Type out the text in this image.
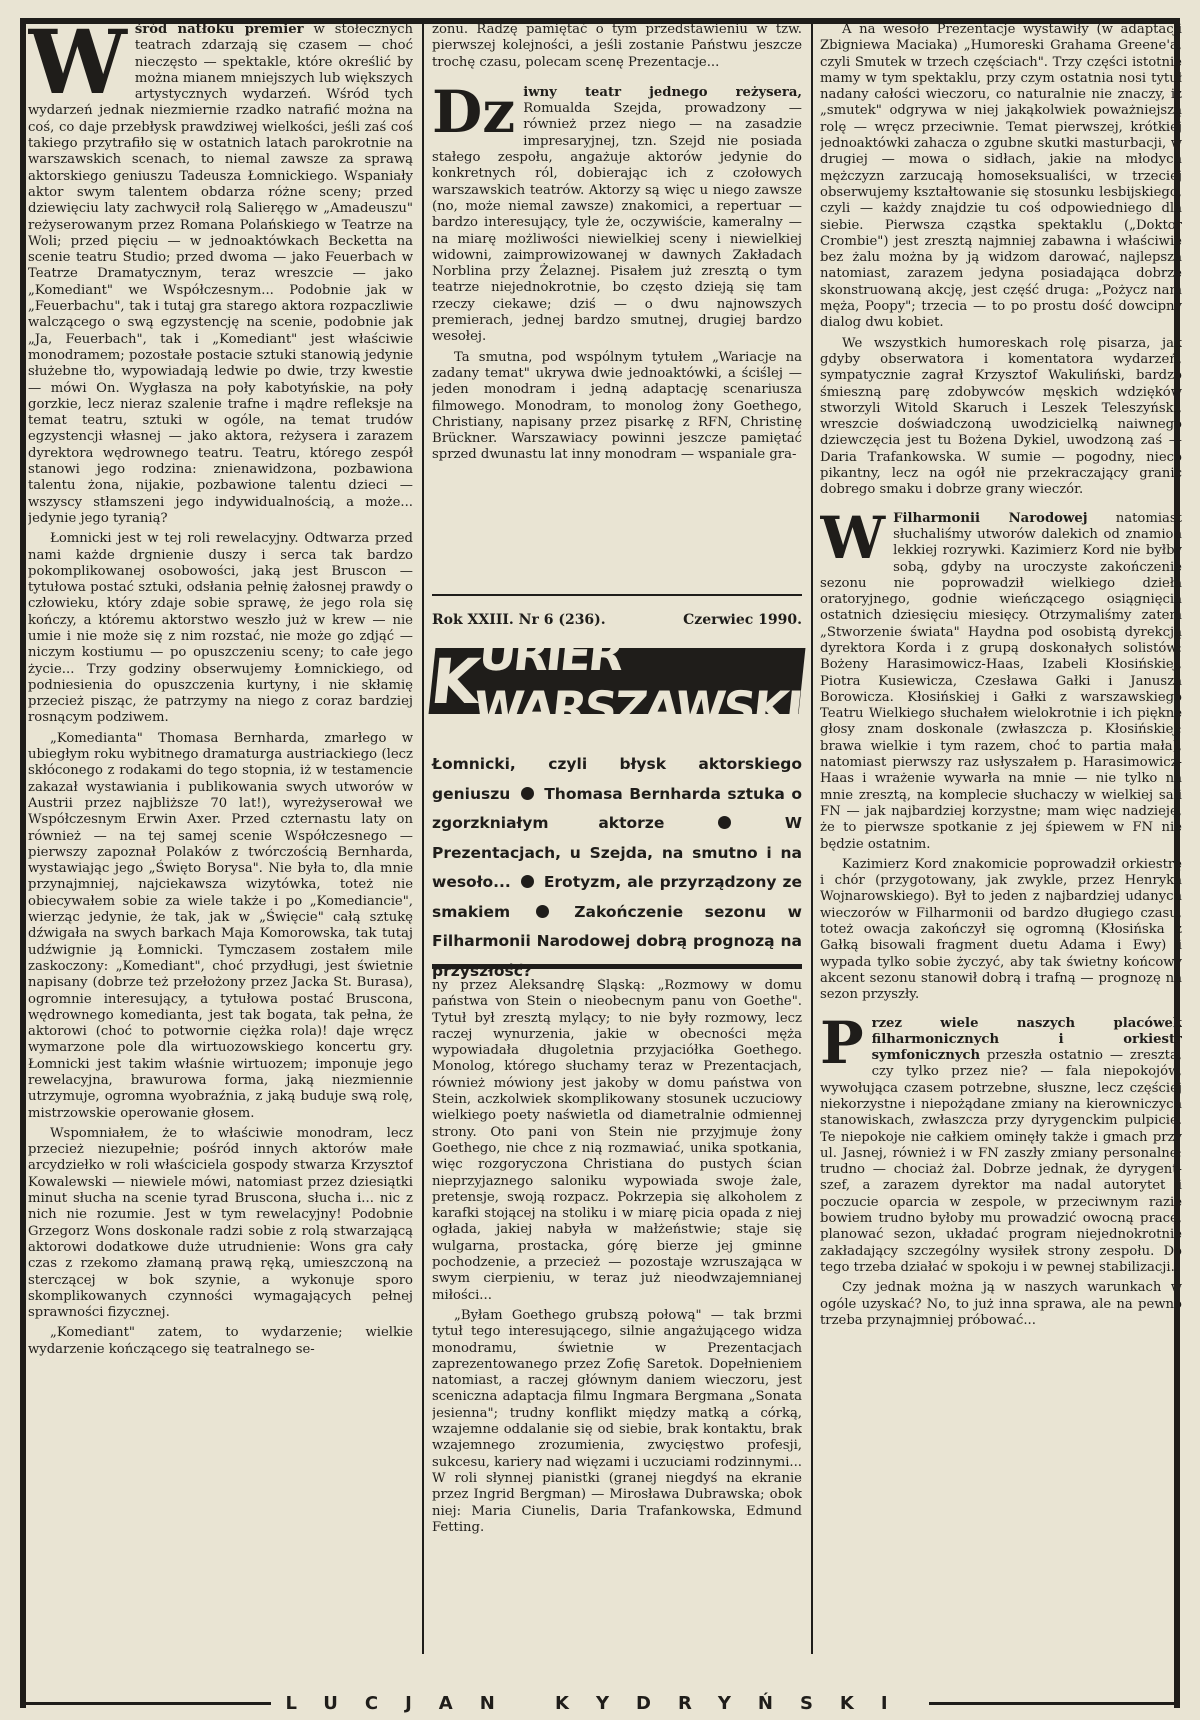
W śród natłoku premier w stołecznych teatrach zdarzają się czasem — choć nieczęsto — spektakle, które określić by można mianem mniejszych lub większych artystycznych wydarzeń. Wśród tych wydarzeń jednak niezmiernie rzadko natrafić można na coś, co daje przebłysk prawdziwej wielkości, jeśli zaś coś takiego przytrafiło się w ostatnich latach parokrotnie na warszawskich scenach, to niemal zawsze za sprawą aktorskiego geniuszu Tadeusza Łomnickiego. Wspaniały aktor swym talentem obdarza różne sceny; przed dziewięciu laty zachwycił rolą Salieręgo w „Amadeuszu" reżyserowanym przez Romana Polańskiego w Teatrze na Woli; przed pięciu — w jednoaktówkach Becketta na scenie teatru Studio; przed dwoma — jako Feuerbach w Teatrze Dramatycznym, teraz wreszcie — jako „Komediant" we Współczesnym... Podobnie jak w „Feuerbachu", tak i tutaj gra starego aktora rozpaczliwie walczącego o swą egzystencję na scenie, podobnie jak „Ja, Feuerbach", tak i „Komediant" jest właściwie monodramem; pozostałe postacie sztuki stanowią jedynie służebne tło, wypowiadają ledwie po dwie, trzy kwestie — mówi On. Wygłasza na poły kabotyńskie, na poły gorzkie, lecz nieraz szalenie trafne i mądre refleksje na temat teatru, sztuki w ogóle, na temat trudów egzystencji własnej — jako aktora, reżysera i zarazem dyrektora wędrownego teatru. Teatru, którego zespół stanowi jego rodzina: znienawidzona, pozbawiona talentu żona, nijakie, pozbawione talentu dzieci — wszyscy stłamszeni jego indywidualnością, a może... jedynie jego tyranią?

Łomnicki jest w tej roli rewelacyjny. Odtwarza przed nami każde drgnienie duszy i serca tak bardzo pokomplikowanej osobowości, jaką jest Bruscon — tytułowa postać sztuki, odsłania pełnię żałosnej prawdy o człowieku, który zdaje sobie sprawę, że jego rola się kończy, a któremu aktorstwo weszło już w krew — nie umie i nie może się z nim rozstać, nie może go zdjąć — niczym kostiumu — po opuszczeniu sceny; to całe jego życie... Trzy godziny obserwujemy Łomnickiego, od podniesienia do opuszczenia kurtyny, i nie skłamię przecież pisząc, że patrzymy na niego z coraz bardziej rosnącym podziwem.

„Komedianta" Thomasa Bernharda, zmarłego w ubiegłym roku wybitnego dramaturga austriackiego (lecz skłóconego z rodakami do tego stopnia, iż w testamencie zakazał wystawiania i publikowania swych utworów w Austrii przez najbliższe 70 lat!), wyreżyserował we Współczesnym Erwin Axer. Przed czternastu laty on również — na tej samej scenie Współczesnego — pierwszy zapoznał Polaków z twórczością Bernharda, wystawiając jego „Święto Borysa". Nie była to, dla mnie przynajmniej, najciekawsza wizytówka, toteż nie obiecywałem sobie za wiele także i po „Komediancie", wierząc jedynie, że tak, jak w „Święcie" całą sztukę dźwigała na swych barkach Maja Komorowska, tak tutaj udźwignie ją Łomnicki. Tymczasem zostałem mile zaskoczony: „Komediant", choć przydługi, jest świetnie napisany (dobrze też przełożony przez Jacka St. Burasa), ogromnie interesujący, a tytułowa postać Bruscona, wędrownego komedianta, jest tak bogata, tak pełna, że aktorowi (choć to potwornie ciężka rola)! daje wręcz wymarzone pole dla wirtuozowskiego koncertu gry. Łomnicki jest takim właśnie wirtuozem; imponuje jego rewelacyjna, brawurowa forma, jaką niezmiennie utrzymuje, ogromna wyobraźnia, z jaką buduje swą rolę, mistrzowskie operowanie głosem.

Wspomniałem, że to właściwie monodram, lecz przecież niezupełnie; pośród innych aktorów małe arcydziełko w roli właściciela gospody stwarza Krzysztof Kowalewski — niewiele mówi, natomiast przez dziesiątki minut słucha na scenie tyrad Bruscona, słucha i... nic z nich nie rozumie. Jest w tym rewelacyjny! Podobnie Grzegorz Wons doskonale radzi sobie z rolą stwarzającą aktorowi dodatkowe duże utrudnienie: Wons gra cały czas z rzekomo złamaną prawą ręką, umieszczoną na sterczącej w bok szynie, a wykonuje sporo skomplikowanych czynności wymagających pełnej sprawności fizycznej.

„Komediant" zatem, to wydarzenie; wielkie wydarzenie kończącego się teatralnego se-

zonu. Radzę pamiętać o tym przedstawieniu w tzw. pierwszej kolejności, a jeśli zostanie Państwu jeszcze trochę czasu, polecam scenę Prezentacje...

Dz iwny teatr jednego reżysera, Romualda Szejda, prowadzony — również przez niego — na zasadzie impresaryjnej, tzn. Szejd nie posiada stałego zespołu, angażuje aktorów jedynie do konkretnych ról, dobierając ich z czołowych warszawskich teatrów. Aktorzy są więc u niego zawsze (no, może niemal zawsze) znakomici, a repertuar — bardzo interesujący, tyle że, oczywiście, kameralny — na miarę możliwości niewielkiej sceny i niewielkiej widowni, zaimprowizowanej w dawnych Zakładach Norblina przy Żelaznej. Pisałem już zresztą o tym teatrze niejednokrotnie, bo często dzieją się tam rzeczy ciekawe; dziś — o dwu najnowszych premierach, jednej bardzo smutnej, drugiej bardzo wesołej.

Ta smutna, pod wspólnym tytułem „Wariacje na zadany temat" ukrywa dwie jednoaktówki, a ściślej — jeden monodram i jedną adaptację scenariusza filmowego. Monodram, to monolog żony Goethego, Christiany, napisany przez pisarkę z RFN, Christinę Brückner. Warszawiacy powinni jeszcze pamiętać sprzed dwunastu lat inny monodram — wspaniale gra-

Rok XXIII. Nr 6 (236).	Czerwiec 1990.
K
URIER WARSZAWSKI
Łomnicki, czyli błysk aktorskiego geniuszu Thomasa Bernharda sztuka o zgorzkniałym aktorze	W Prezentacjach, u Szejda, na smutno i na wesoło... Erotyzm, ale przyrządzony ze smakiem	Zakończenie sezonu w Filharmonii Narodowej dobrą prognozą na przyszłość?

ny przez Aleksandrę Śląską: „Rozmowy w domu państwa von Stein o nieobecnym panu von Goethe". Tytuł był zresztą mylący; to nie były rozmowy, lecz raczej wynurzenia, jakie w obecności męża wypowiadała długoletnia przyjaciółka Goethego. Monolog, którego słuchamy teraz w Prezentacjach, również mówiony jest jakoby w domu państwa von Stein, aczkolwiek skomplikowany stosunek uczuciowy wielkiego poety naświetla od diametralnie odmiennej strony. Oto pani von Stein nie przyjmuje żony Goethego, nie chce z nią rozmawiać, unika spotkania, więc rozgoryczona Christiana do pustych ścian nieprzyjaznego saloniku wypowiada swoje żale, pretensje, swoją rozpacz. Pokrzepia się alkoholem z karafki stojącej na stoliku i w miarę picia opada z niej ogłada, jakiej nabyła w małżeństwie; staje się wulgarna, prostacka, górę bierze jej gminne pochodzenie, a przecież — pozostaje wzruszająca w swym cierpieniu, w teraz już nieodwzajemnianej miłości...

„Byłam Goethego grubszą połową" — tak brzmi tytuł tego interesującego, silnie angażującego widza monodramu, świetnie w Prezentacjach zaprezentowanego przez Zofię Saretok. Dopełnieniem natomiast, a raczej głównym daniem wieczoru, jest sceniczna adaptacja filmu Ingmara Bergmana „Sonata jesienna"; trudny konflikt między matką a córką, wzajemne oddalanie się od siebie, brak kontaktu, brak wzajemnego zrozumienia, zwycięstwo profesji, sukcesu, kariery nad więzami i uczuciami rodzinnymi... W roli słynnej pianistki (granej niegdyś na ekranie przez Ingrid Bergman) — Mirosława Dubrawska; obok niej: Maria Ciunelis, Daria Trafankowska, Edmund Fetting.

A na wesoło Prezentacje wystawiły (w adaptacji Zbigniewa Maciaka) „Humoreski Grahama Greene'a, czyli Smutek w trzech częściach". Trzy części istotnie mamy w tym spektaklu, przy czym ostatnia nosi tytuł nadany całości wieczoru, co naturalnie nie znaczy, iż „smutek" odgrywa w niej jakąkolwiek poważniejszą rolę — wręcz przeciwnie. Temat pierwszej, krótkiej jednoaktówki zahacza o zgubne skutki masturbacji, w drugiej — mowa o sidłach, jakie na młodych mężczyzn zarzucają homoseksualiści, w trzeciej obserwujemy kształtowanie się stosunku lesbijskiego, czyli — każdy znajdzie tu coś odpowiedniego dla siebie. Pierwsza cząstka spektaklu („Doktor Crombie") jest zresztą najmniej zabawna i właściwie bez żalu można by ją widzom darować, najlepsza natomiast, zarazem jedyna posiadająca dobrze skonstruowaną akcję, jest część druga: „Pożycz nam męża, Poopy"; trzecia — to po prostu dość dowcipny dialog dwu kobiet.

We wszystkich humoreskach rolę pisarza, jak gdyby obserwatora i komentatora wydarzeń, sympatycznie zagrał Krzysztof Wakuliński, bardzo śmieszną parę zdobywców męskich wdzięków stworzyli Witold Skaruch i Leszek Teleszyński, wreszcie doświadczoną uwodzicielką naiwnego dziewczęcia jest tu Bożena Dykiel, uwodzoną zaś — Daria Trafankowska. W sumie — pogodny, nieco pikantny, lecz na ogół nie przekraczający granic dobrego smaku i dobrze grany wieczór.

W Filharmonii Narodowej natomiast słuchaliśmy utworów dalekich od znamion lekkiej rozrywki. Kazimierz Kord nie byłby sobą, gdyby na uroczyste zakończenie sezonu nie poprowadził wielkiego dzieła oratoryjnego, godnie wieńczącego osiągnięcia ostatnich dziesięciu miesięcy. Otrzymaliśmy zatem „Stworzenie świata" Haydna pod osobistą dyrekcją dyrektora Korda i z grupą doskonałych solistów: Bożeny Harasimowicz-Haas, Izabeli Kłosińskiej, Piotra Kusiewicza, Czesława Gałki i Janusza Borowicza. Kłosińskiej i Gałki z warszawskiego Teatru Wielkiego słuchałem wielokrotnie i ich piękne głosy znam doskonale (zwłaszcza p. Kłosińskiej; brawa wielkie i tym razem, choć to partia mała), natomiast pierwszy raz usłyszałem p. Harasimowicz-Haas i wrażenie wywarła na mnie — nie tylko na mnie zresztą, na komplecie słuchaczy w wielkiej sali FN — jak najbardziej korzystne; mam więc nadzieję, że to pierwsze spotkanie z jej śpiewem w FN nie będzie ostatnim.

Kazimierz Kord znakomicie poprowadził orkiestrę i chór (przygotowany, jak zwykle, przez Henryka Wojnarowskiego). Był to jeden z najbardziej udanych wieczorów w Filharmonii od bardzo długiego czasu, toteż owacja zakończył się ogromną (Kłosińska z Gałką bisowali fragment duetu Adama i Ewy) i wypada tylko sobie życzyć, aby tak świetny końcowy akcent sezonu stanowił dobrą i trafną — prognozę na sezon przyszły.

P rzez wiele naszych placówek filharmonicznych i orkiestr symfonicznych przeszła ostatnio — zresztą, czy tylko przez nie? — fala niepokojów, wywołująca czasem potrzebne, słuszne, lecz częściej niekorzystne i niepożądane zmiany na kierowniczych stanowiskach, zwłaszcza przy dyrygenckim pulpicie. Te niepokoje nie całkiem ominęły także i gmach przy ul. Jasnej, również i w FN zaszły zmiany personalne; trudno — chociaż żal. Dobrze jednak, że dyrygent-szef, a zarazem dyrektor ma nadal autorytet i poczucie oparcia w zespole, w przeciwnym razie bowiem trudno byłoby mu prowadzić owocną pracę, planować sezon, układać program niejednokrotnie zakładający szczególny wysiłek strony zespołu. Do tego trzeba działać w spokoju i w pewnej stabilizacji.

Czy jednak można ją w naszych warunkach w ogóle uzyskać? No, to już inna sprawa, ale na pewno trzeba przynajmniej próbować...

LUCJAN KYDRYŃSKI
